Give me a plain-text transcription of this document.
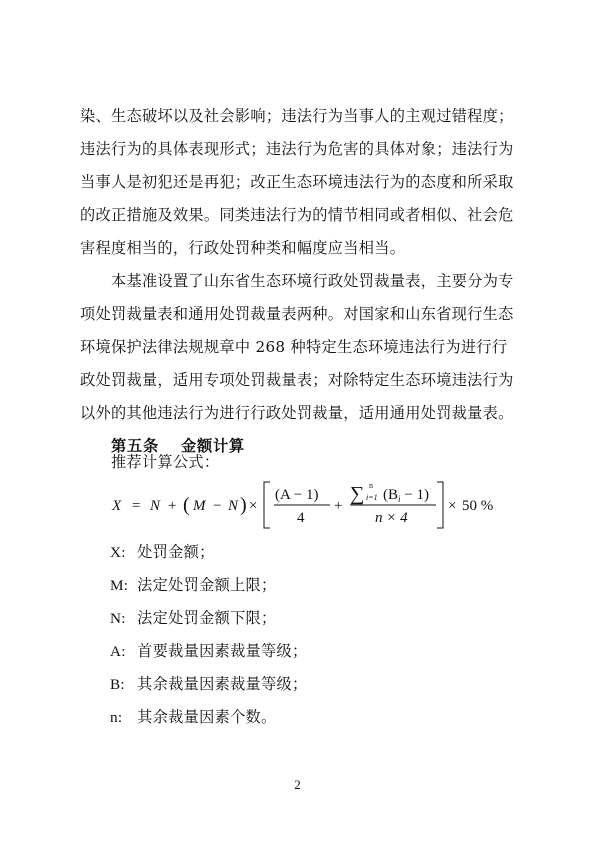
染、生态破坏以及社会影响；违法行为当事人的主观过错程度；
违法行为的具体表现形式；违法行为危害的具体对象；违法行为
当事人是初犯还是再犯；改正生态环境违法行为的态度和所采取
的改正措施及效果。同类违法行为的情节相同或者相似、社会危
害程度相当的，行政处罚种类和幅度应当相当。
本基准设置了山东省生态环境行政处罚裁量表，主要分为专
项处罚裁量表和通用处罚裁量表两种。对国家和山东省现行生态
环境保护法律法规规章中 268 种特定生态环境违法行为进行行
政处罚裁量，适用专项处罚裁量表；对除特定生态环境违法行为
以外的其他违法行为进行行政处罚裁量，适用通用处罚裁量表。
第五条 金额计算
推荐计算公式：
X = N + ( M − N ) ×
(A − 1)
4
+
∑ n
i=1 $(B_i - 1)$
n × 4
× 50 %
X: 处罚金额；
M: 法定处罚金额上限；
N: 法定处罚金额下限；
A: 首要裁量因素裁量等级；
B: 其余裁量因素裁量等级；
n: 其余裁量因素个数。
2
